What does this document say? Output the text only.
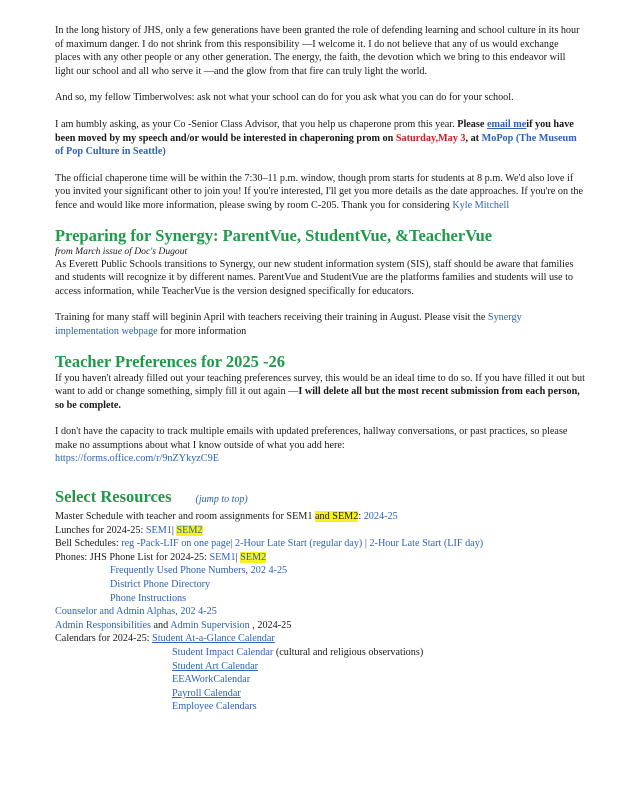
In the long history of JHS, only a few generations have been granted the role of defending learning and school culture in its hour of maximum danger. I do not shrink from this responsibility —I welcome it. I do not believe that any of us would exchange places with any other people or any other generation. The energy, the faith, the devotion which we bring to this endeavor will light our school and all who serve it —and the glow from that fire can truly light the world.

And so, my fellow Timberwolves: ask not what your school can do for you ask what you can do for your school.

I am humbly asking, as your Co -Senior Class Advisor, that you help us chaperone prom this year. Please email meif you have been moved by my speech and/or would be interested in chaperoning prom on Saturday,May 3, at MoPop (The Museum of Pop Culture in Seattle)

The official chaperone time will be within the 7:30–11 p.m. window, though prom starts for students at 8 p.m. We'd also love if you invited your significant other to join you! If you're interested, I'll get you more details as the date approaches. If you're on the fence and would like more information, please swing by room C-205. Thank you for considering Kyle Mitchell

Preparing for Synergy: ParentVue, StudentVue, &TeacherVue

from March issue of Doc's Dugout

As Everett Public Schools transitions to Synergy, our new student information system (SIS), staff should be aware that families and students will recognize it by different names. ParentVue and StudentVue are the platforms families and students will use to access information, while TeacherVue is the version designed specifically for educators.

Training for many staff will beginin April with teachers receiving their training in August. Please visit the Synergy implementation webpage for more information

Teacher Preferences for 2025 -26

If you haven't already filled out your teaching preferences survey, this would be an ideal time to do so. If you have filled it out but want to add or change something, simply fill it out again —I will delete all but the most recent submission from each person, so be complete.

I don't have the capacity to track multiple emails with updated preferences, hallway conversations, or past practices, so please make no assumptions about what I know outside of what you add here:

https://forms.office.com/r/9nZYkyzC9E

Select Resources (jump to top)
Master Schedule with teacher and room assignments for SEM1 and SEM2: 2024-25
Lunches for 2024-25: SEM1| SEM2
Bell Schedules: reg -Pack-LIF on one page| 2-Hour Late Start (regular day) | 2-Hour Late Start (LIF day)
Phones: JHS Phone List for 2024-25: SEM1| SEM2
Frequently Used Phone Numbers, 202 4-25
District Phone Directory
Phone Instructions
Counselor and Admin Alphas, 202 4-25
Admin Responsibilities and Admin Supervision , 2024-25
Calendars for 2024-25: Student At-a-Glance Calendar
Student Impact Calendar (cultural and religious observations)
Student Art Calendar
EEAWorkCalendar
Payroll Calendar
Employee Calendars
